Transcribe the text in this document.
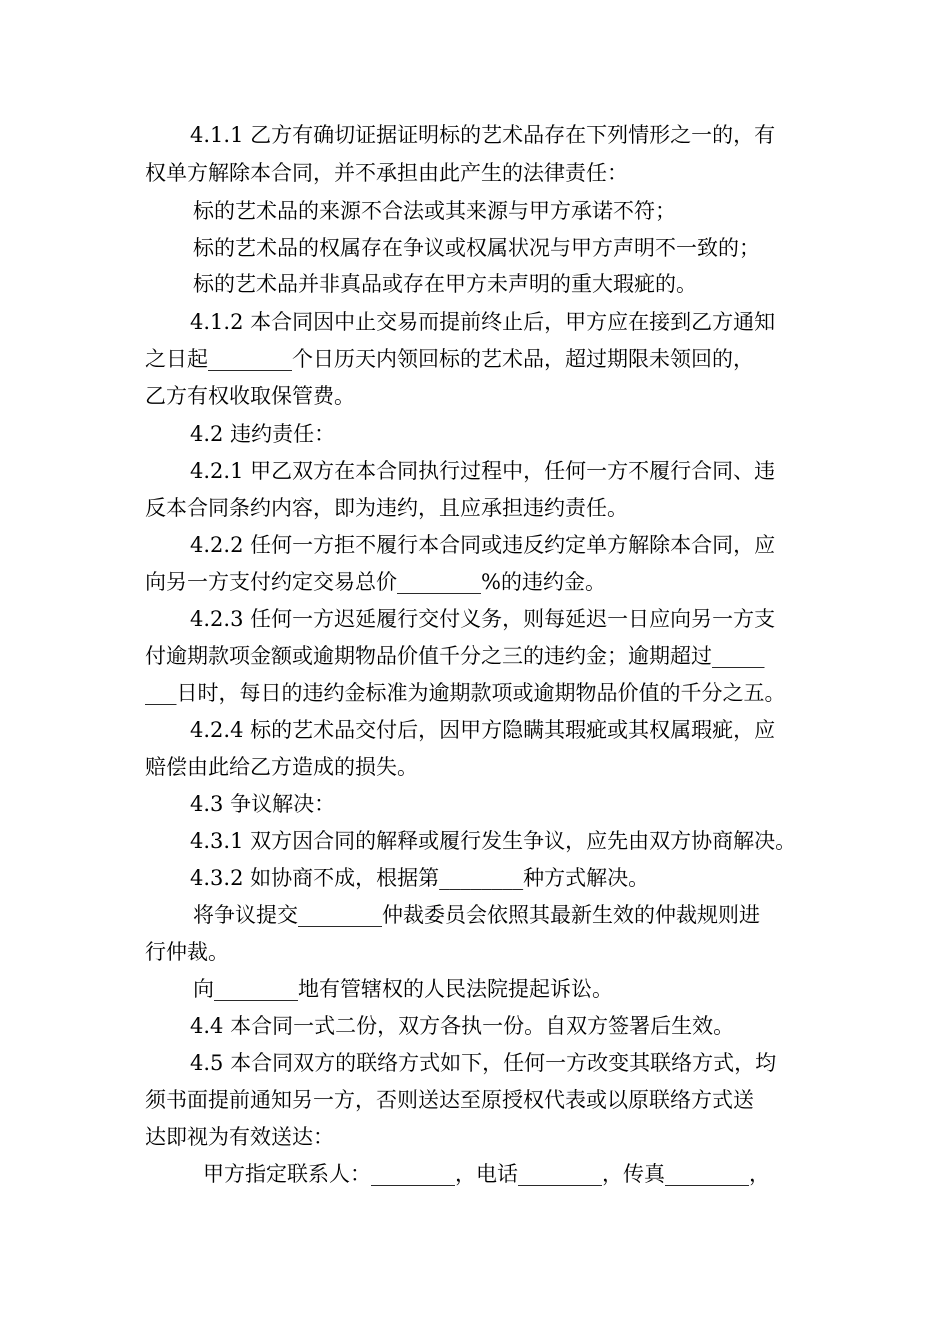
4.1.1 乙方有确切证据证明标的艺术品存在下列情形之一的，有
权单方解除本合同，并不承担由此产生的法律责任：
标的艺术品的来源不合法或其来源与甲方承诺不符；
标的艺术品的权属存在争议或权属状况与甲方声明不一致的；
标的艺术品并非真品或存在甲方未声明的重大瑕疵的。
4.1.2 本合同因中止交易而提前终止后，甲方应在接到乙方通知
之日起________个日历天内领回标的艺术品，超过期限未领回的，
乙方有权收取保管费。
4.2 违约责任：
4.2.1 甲乙双方在本合同执行过程中，任何一方不履行合同、违
反本合同条约内容，即为违约，且应承担违约责任。
4.2.2 任何一方拒不履行本合同或违反约定单方解除本合同，应
向另一方支付约定交易总价________%的违约金。
4.2.3 任何一方迟延履行交付义务，则每延迟一日应向另一方支
付逾期款项金额或逾期物品价值千分之三的违约金；逾期超过_____
___日时，每日的违约金标准为逾期款项或逾期物品价值的千分之五。
4.2.4 标的艺术品交付后，因甲方隐瞒其瑕疵或其权属瑕疵，应
赔偿由此给乙方造成的损失。
4.3 争议解决：
4.3.1 双方因合同的解释或履行发生争议，应先由双方协商解决。
4.3.2 如协商不成，根据第________种方式解决。
将争议提交________仲裁委员会依照其最新生效的仲裁规则进
行仲裁。
向________地有管辖权的人民法院提起诉讼。
4.4 本合同一式二份，双方各执一份。自双方签署后生效。
4.5 本合同双方的联络方式如下，任何一方改变其联络方式，均
须书面提前通知另一方，否则送达至原授权代表或以原联络方式送
达即视为有效送达：
甲方指定联系人：________，电话________，传真________，
